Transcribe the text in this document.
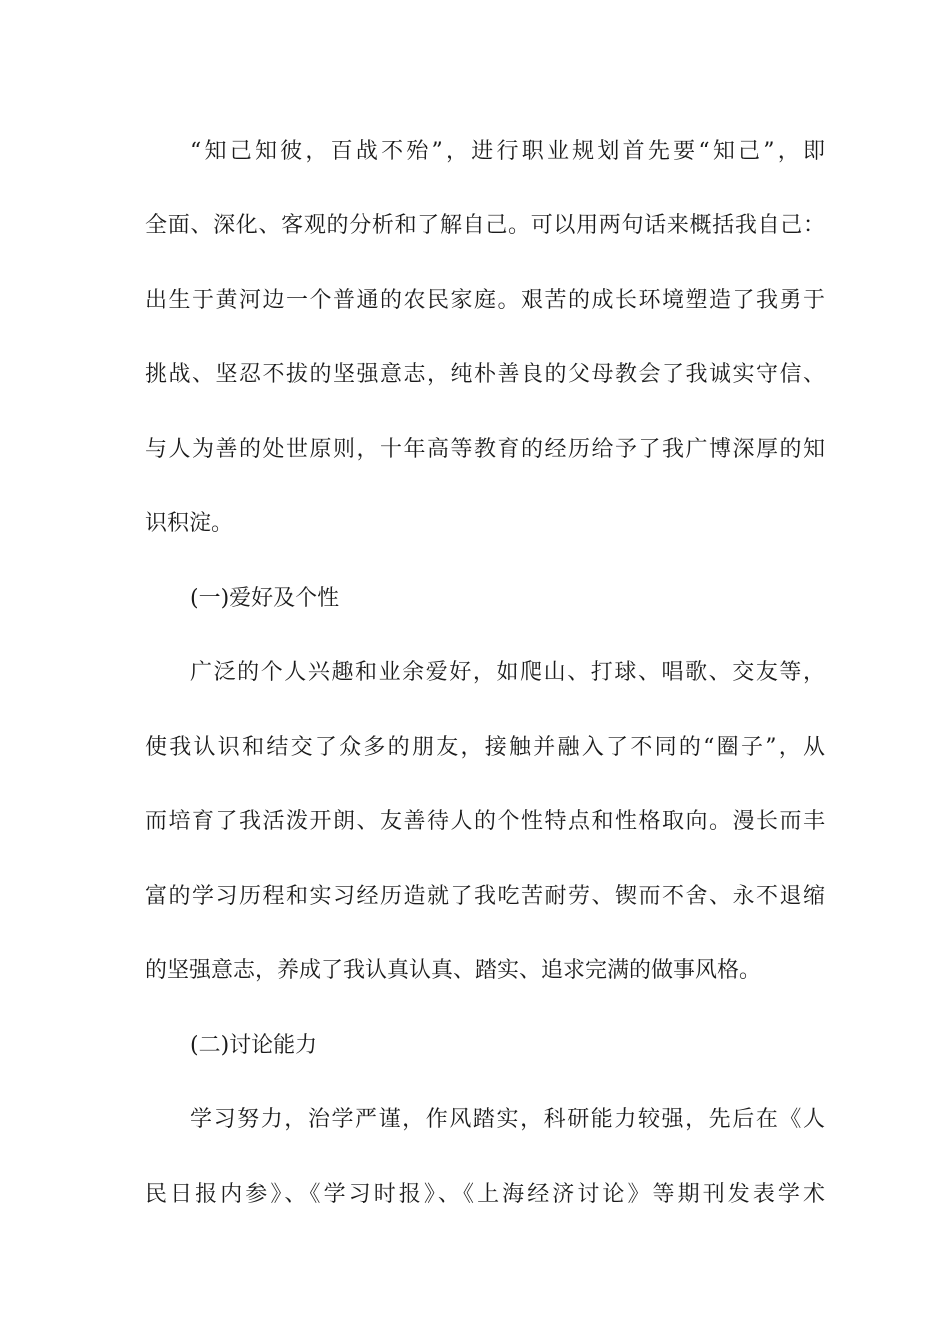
“知己知彼，百战不殆”，进行职业规划首先要“知己”，即
全面、深化、客观的分析和了解自己。可以用两句话来概括我自己：
出生于黄河边一个普通的农民家庭。艰苦的成长环境塑造了我勇于
挑战、坚忍不拔的坚强意志，纯朴善良的父母教会了我诚实守信、
与人为善的处世原则，十年高等教育的经历给予了我广博深厚的知
识积淀。
(一)爱好及个性
广泛的个人兴趣和业余爱好，如爬山、打球、唱歌、交友等，
使我认识和结交了众多的朋友，接触并融入了不同的“圈子”，从
而培育了我活泼开朗、友善待人的个性特点和性格取向。漫长而丰
富的学习历程和实习经历造就了我吃苦耐劳、锲而不舍、永不退缩
的坚强意志，养成了我认真认真、踏实、追求完满的做事风格。
(二)讨论能力
学习努力，治学严谨，作风踏实，科研能力较强，先后在《人
民日报内参》、《学习时报》、《上海经济讨论》等期刊发表学术
